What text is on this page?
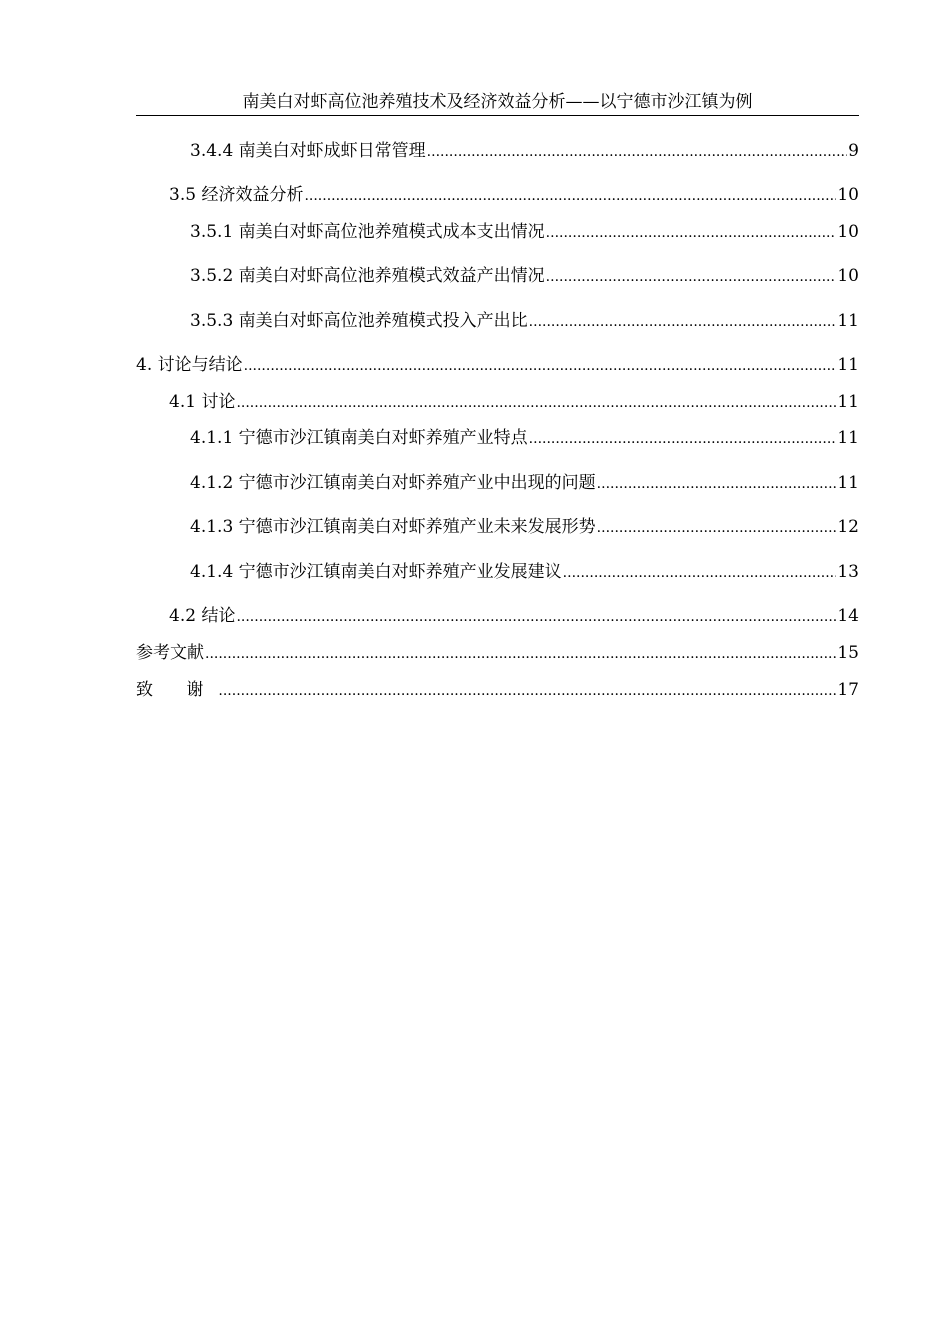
南美白对虾高位池养殖技术及经济效益分析——以宁德市沙江镇为例
3.4.4 南美白对虾成虾日常管理 .....	9
3.5 经济效益分析 .....	10
3.5.1 南美白对虾高位池养殖模式成本支出情况 .....	10
3.5.2 南美白对虾高位池养殖模式效益产出情况 .....	10
3.5.3 南美白对虾高位池养殖模式投入产出比 .....	11
4. 讨论与结论 .....	11
4.1 讨论 .....	11
4.1.1 宁德市沙江镇南美白对虾养殖产业特点 .....	11
4.1.2 宁德市沙江镇南美白对虾养殖产业中出现的问题 .....	11
4.1.3 宁德市沙江镇南美白对虾养殖产业未来发展形势 .....	12
4.1.4 宁德市沙江镇南美白对虾养殖产业发展建议 .....	13
4.2 结论 .....	14
参考文献 .....	15
致 谢 .....	17
